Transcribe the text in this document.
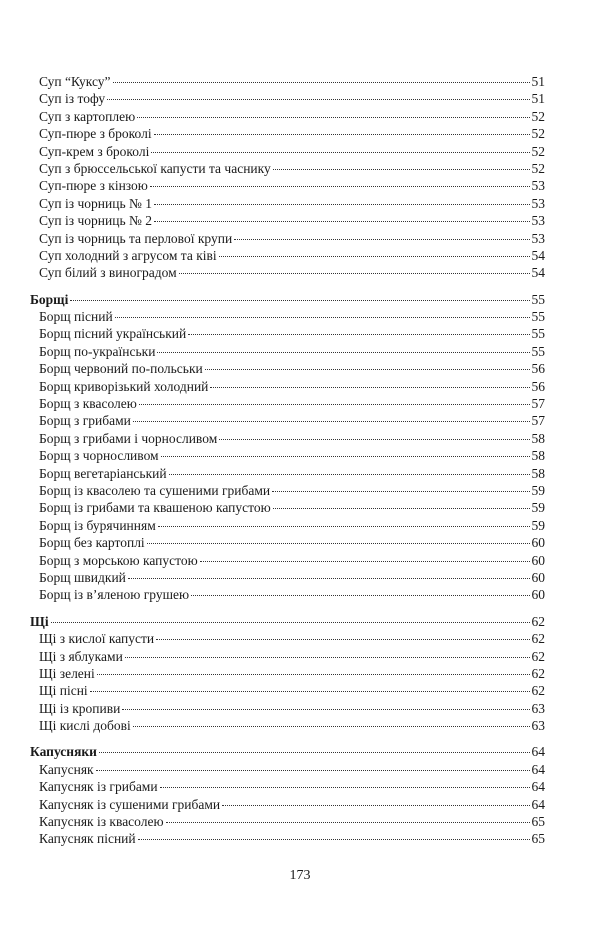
Суп “Куксу”	51
Суп із тофу	51
Суп з картоплею	52
Суп-пюре з броколі	52
Суп-крем з броколі	52
Суп з брюссельської капусти та часнику	52
Суп-пюре з кінзою	53
Суп із чорниць № 1	53
Суп із чорниць № 2	53
Суп із чорниць та перлової крупи	53
Суп холодний з агрусом та ківі	54
Суп білий з виноградом	54
Борщі	55
Борщ пісний	55
Борщ пісний український	55
Борщ по-українськи	55
Борщ червоний по-польськи	56
Борщ криворізький холодний	56
Борщ з квасолею	57
Борщ з грибами	57
Борщ з грибами і чорносливом	58
Борщ з чорносливом	58
Борщ вегетаріанський	58
Борщ із квасолею та сушеними грибами	59
Борщ із грибами та квашеною капустою	59
Борщ із бурячинням	59
Борщ без картоплі	60
Борщ з морською капустою	60
Борщ швидкий	60
Борщ із в’яленою грушею	60
Щі	62
Щі з кислої капусти	62
Щі з яблуками	62
Щі зелені	62
Щі пісні	62
Щі із кропиви	63
Щі кислі добові	63
Капусняки	64
Капусняк	64
Капусняк із грибами	64
Капусняк із сушеними грибами	64
Капусняк із квасолею	65
Капусняк пісний	65
173
